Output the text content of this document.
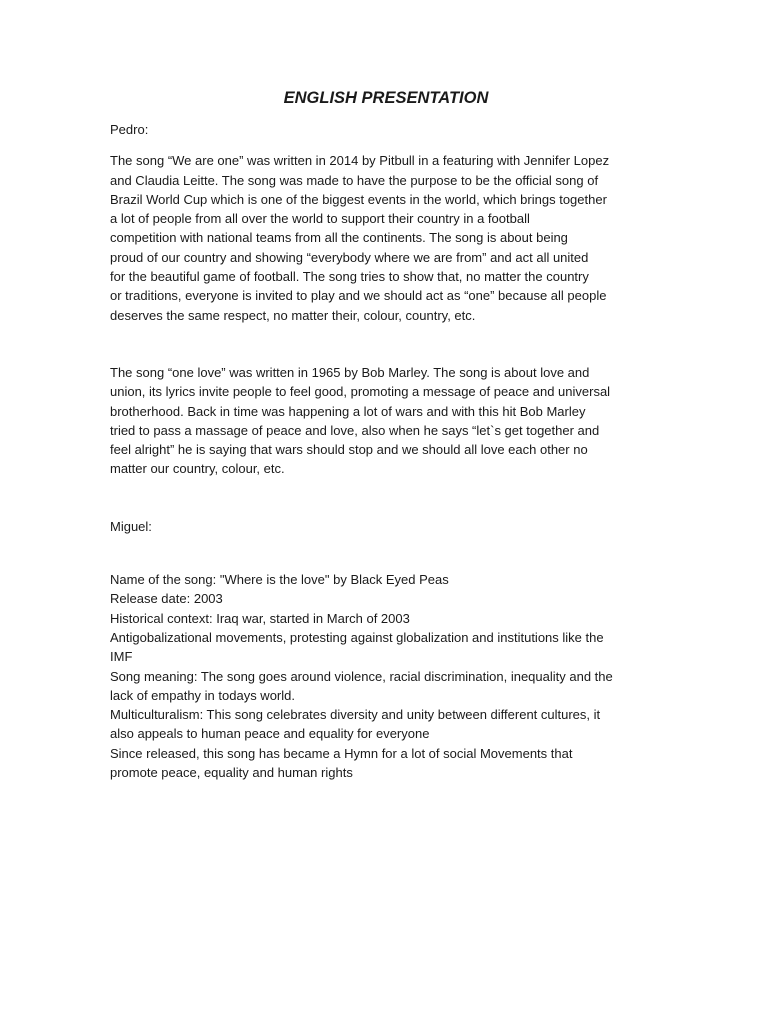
ENGLISH PRESENTATION

Pedro:

The song “We are one” was written in 2014 by Pitbull in a featuring with Jennifer Lopez
and Claudia Leitte. The song was made to have the purpose to be the official song of
Brazil World Cup which is one of the biggest events in the world, which brings together
a lot of people from all over the world to support their country in a football
competition with national teams from all the continents. The song is about being
proud of our country and showing “everybody where we are from” and act all united
for the beautiful game of football. The song tries to show that, no matter the country
or traditions, everyone is invited to play and we should act as “one” because all people
deserves the same respect, no matter their, colour, country, etc.
The song “one love” was written in 1965 by Bob Marley. The song is about love and
union, its lyrics invite people to feel good, promoting a message of peace and universal
brotherhood. Back in time was happening a lot of wars and with this hit Bob Marley
tried to pass a massage of peace and love, also when he says “let`s get together and
feel alright” he is saying that wars should stop and we should all love each other no
matter our country, colour, etc.

Miguel:

Name of the song: "Where is the love" by Black Eyed Peas
Release date: 2003
Historical context: Iraq war, started in March of 2003
Antigobalizational movements, protesting against globalization and institutions like the
IMF
Song meaning: The song goes around violence, racial discrimination, inequality and the
lack of empathy in todays world.
Multiculturalism: This song celebrates diversity and unity between different cultures, it
also appeals to human peace and equality for everyone
Since released, this song has became a Hymn for a lot of social Movements that
promote peace, equality and human rights
